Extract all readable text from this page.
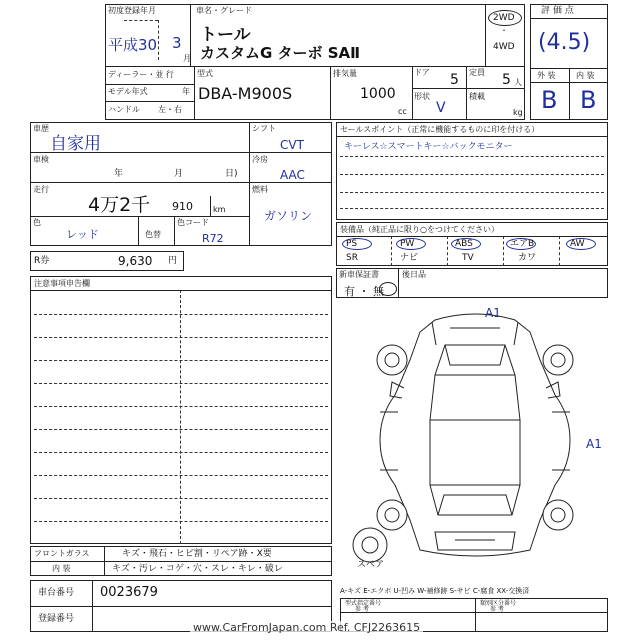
初度登録年月
平成30 3
月
ディーラー・並 行
モデル年式	年
ハンドル 左・右
車名・グレード
トール
カスタムG ターボ SAⅡ
2WD
・
4WD
型式
DBA-M900S
排気量
1000
cc
ドア 5 定員 5 人
形状
V
積載
kg
評 価 点
(4.5)
外 装	内 装
B B
車歴
自家用
車検
年	月	日)
走行
4万2千 910	km
色
レッド	色替
色コード
R72
シフト
CVT
冷房
AAC
燃料
ガソリン
R券	9,630 円
セールスポイント（正常に機能するものに印を付ける）
キーレス☆スマートキー☆バックモニター
装備品（純正品に限り○をつけてください）
PS	PW	ABS	エアB	AW
SR	ナビ	TV	カワ
新車保証書
有 ・ 無
後日品
注意事項申告欄
A1
A1
スペア
フロントガラス	キズ・飛石・ヒビ割・リペア跡・X要
内 装	キズ・汚レ・コゲ・穴・スレ・キレ・破レ
車台番号 0023679
登録番号
A-キズ E-エクボ U-凹み W-補修跡 S-サビ C-腐食 XX-交換済
型式指定番号
参 考
類別区分番号
参 考
www.CarFromJapan.com Ref. CFJ2263615
